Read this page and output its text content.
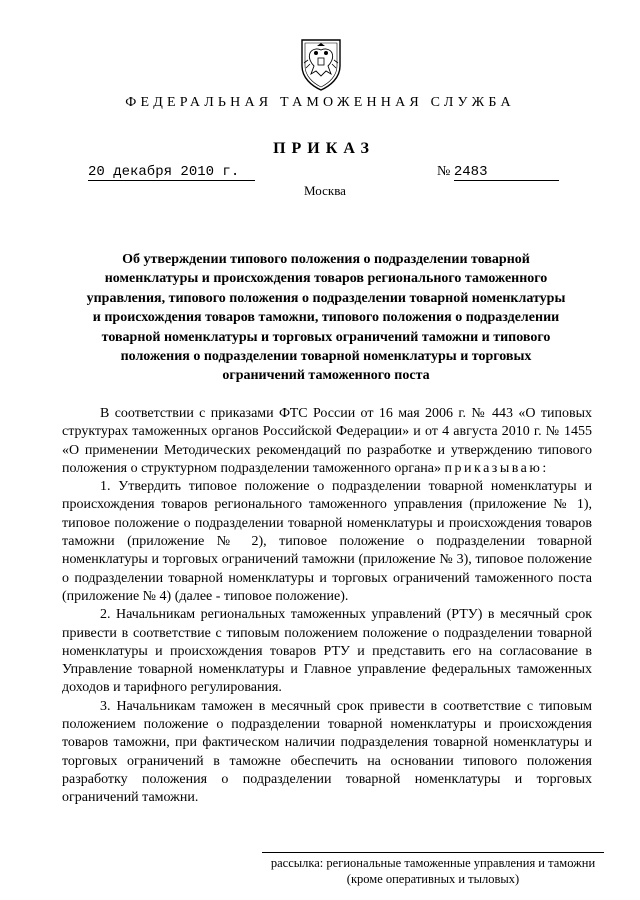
ФЕДЕРАЛЬНАЯ ТАМОЖЕННАЯ СЛУЖБА
ПРИКАЗ
20 декабря 2010 г.	№ 2483
Москва
Об утверждении типового положения о подразделении товарной номенклатуры и происхождения товаров регионального таможенного управления, типового положения о подразделении товарной номенклатуры и происхождения товаров таможни, типового положения о подразделении товарной номенклатуры и торговых ограничений таможни и типового положения о подразделении товарной номенклатуры и торговых ограничений таможенного поста

В соответствии с приказами ФТС России от 16 мая 2006 г. № 443 «О типовых структурах таможенных органов Российской Федерации» и от 4 августа 2010 г. № 1455 «О применении Методических рекомендаций по разработке и утверждению типового положения о структурном подразделении таможенного органа» приказываю:

1. Утвердить типовое положение о подразделении товарной номенклатуры и происхождения товаров регионального таможенного управления (приложение № 1), типовое положение о подразделении товарной номенклатуры и происхождения товаров таможни (приложение № 2), типовое положение о подразделении товарной номенклатуры и торговых ограничений таможни (приложение № 3), типовое положение о подразделении товарной номенклатуры и торговых ограничений таможенного поста (приложение № 4) (далее - типовое положение).

2. Начальникам региональных таможенных управлений (РТУ) в месячный срок привести в соответствие с типовым положением положение о подразделении товарной номенклатуры и происхождения товаров РТУ и представить его на согласование в Управление товарной номенклатуры и Главное управление федеральных таможенных доходов и тарифного регулирования.

3. Начальникам таможен в месячный срок привести в соответствие с типовым положением положение о подразделении товарной номенклатуры и происхождения товаров таможни, при фактическом наличии подразделения товарной номенклатуры и торговых ограничений в таможне обеспечить на основании типового положения разработку положения о подразделении товарной номенклатуры и торговых ограничений таможни.

рассылка: региональные таможенные управления и таможни
(кроме оперативных и тыловых)
